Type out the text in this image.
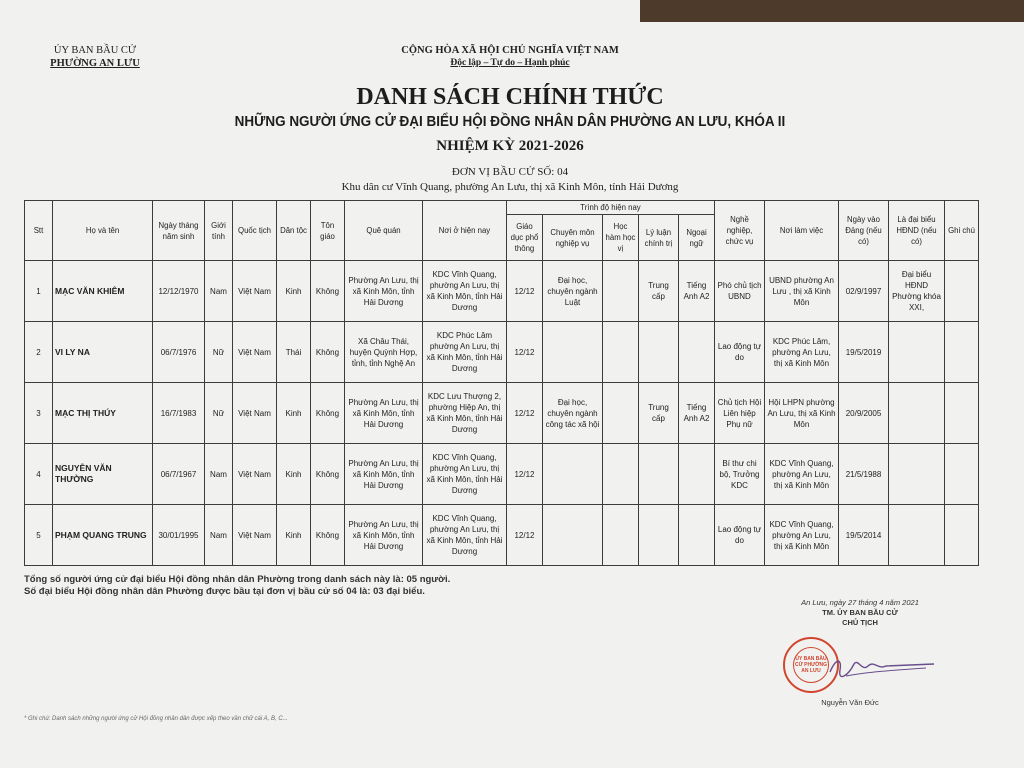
ỦY BAN BẦU CỬ
PHƯỜNG AN LƯU
CỘNG HÒA XÃ HỘI CHỦ NGHĨA VIỆT NAM
Độc lập – Tự do – Hạnh phúc
DANH SÁCH CHÍNH THỨC
NHỮNG NGƯỜI ỨNG CỬ ĐẠI BIỂU HỘI ĐỒNG NHÂN DÂN PHƯỜNG AN LƯU, KHÓA II
NHIỆM KỲ 2021-2026
ĐƠN VỊ BẦU CỬ SỐ: 04
Khu dân cư Vĩnh Quang, phường An Lưu, thị xã Kinh Môn, tỉnh Hải Dương
Stt	Họ và tên	Ngày tháng năm sinh	Giới tính	Quốc tịch	Dân tộc	Tôn giáo	Quê quán	Nơi ở hiện nay	Trình độ hiện nay					Nghề nghiệp, chức vụ	Nơi làm việc	Ngày vào Đảng (nếu có)	Là đại biểu HĐND (nếu có)	Ghi chú
									Giáo dục phổ thông	Chuyên môn nghiệp vụ	Học hàm học vị	Lý luận chính trị	Ngoại ngữ					
1	MẠC VĂN KHIÊM	12/12/1970	Nam	Việt Nam	Kinh	Không	Phường An Lưu, thị xã Kinh Môn, tỉnh Hải Dương	KDC Vĩnh Quang, phường An Lưu, thị xã Kinh Môn, tỉnh Hải Dương	12/12	Đại học, chuyên ngành Luật		Trung cấp	Tiếng Anh A2	Phó chủ tịch UBND	UBND phường An Lưu , thị xã Kinh Môn	02/9/1997	Đại biểu HĐND Phường khóa XXI,	
2	VI LY NA	06/7/1976	Nữ	Việt Nam	Thái	Không	Xã Châu Thái, huyện Quỳnh Hợp, tỉnh, tỉnh Nghệ An	KDC Phúc Lâm phường An Lưu, thị xã Kinh Môn, tỉnh Hải Dương	12/12					Lao động tự do	KDC Phúc Lâm, phường An Lưu, thị xã Kinh Môn	19/5/2019		
3	MẠC THỊ THÚY	16/7/1983	Nữ	Việt Nam	Kinh	Không	Phường An Lưu, thị xã Kinh Môn, tỉnh Hải Dương	KDC Lưu Thượng 2, phường Hiệp An, thị xã Kinh Môn, tỉnh Hải Dương	12/12	Đại học, chuyên ngành công tác xã hội		Trung cấp	Tiếng Anh A2	Chủ tịch Hội Liên hiệp Phụ nữ	Hội LHPN phường An Lưu, thị xã Kinh Môn	20/9/2005		
4	NGUYỄN VĂN THƯỜNG	06/7/1967	Nam	Việt Nam	Kinh	Không	Phường An Lưu, thị xã Kinh Môn, tỉnh Hải Dương	KDC Vĩnh Quang, phường An Lưu, thị xã Kinh Môn, tỉnh Hải Dương	12/12					Bí thư chi bộ, Trưởng KDC	KDC Vĩnh Quang, phường An Lưu, thị xã Kinh Môn	21/5/1988		
5	PHẠM QUANG TRUNG	30/01/1995	Nam	Việt Nam	Kinh	Không	Phường An Lưu, thị xã Kinh Môn, tỉnh Hải Dương	KDC Vĩnh Quang, phường An Lưu, thị xã Kinh Môn, tỉnh Hải Dương	12/12					Lao động tự do	KDC Vĩnh Quang, phường An Lưu, thị xã Kinh Môn	19/5/2014		
Tổng số người ứng cử đại biểu Hội đồng nhân dân Phường trong danh sách này là: 05 người.
Số đại biểu Hội đồng nhân dân Phường được bầu tại đơn vị bầu cử số 04 là: 03 đại biểu.
An Lưu, ngày 27 tháng 4 năm 2021
TM. ỦY BAN BẦU CỬ
CHỦ TỊCH
ỦY BAN BẦU CỬ PHƯỜNG AN LƯU
Nguyễn Văn Đức
* Ghi chú: Danh sách những người ứng cử Hội đồng nhân dân được xếp theo vần chữ cái A, B, C...
